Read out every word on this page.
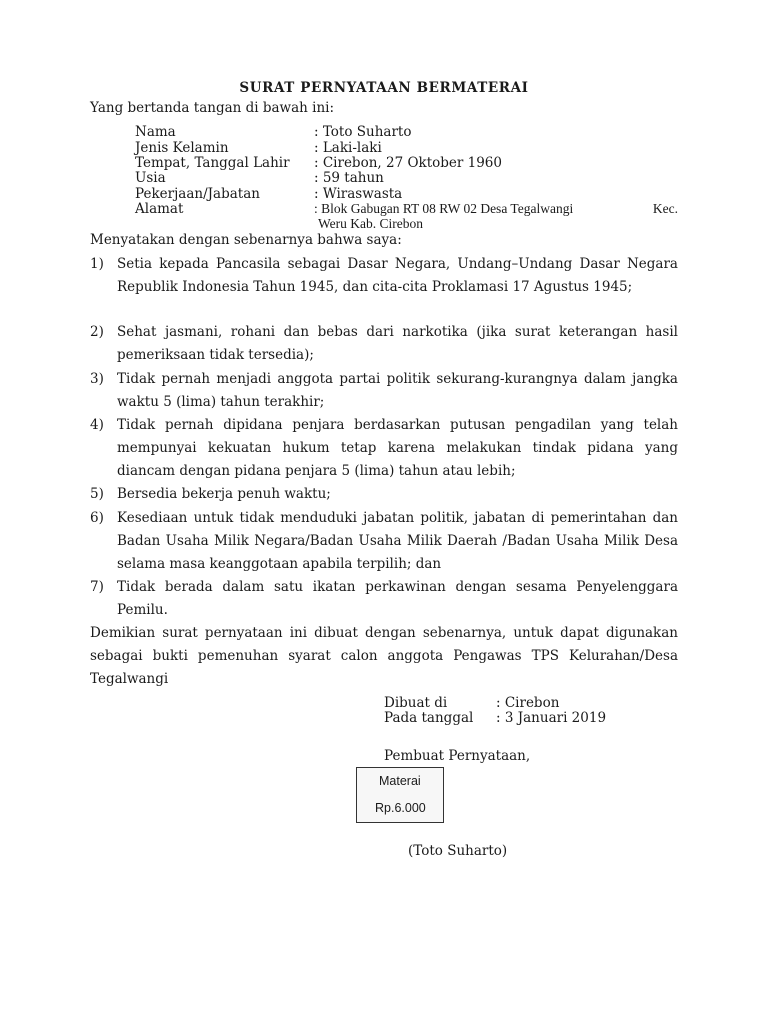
SURAT PERNYATAAN BERMATERAI
Yang bertanda tangan di bawah ini:
Nama	: Toto Suharto
Jenis Kelamin	: Laki-laki
Tempat, Tanggal Lahir : Cirebon, 27 Oktober 1960
Usia	: 59 tahun
Pekerjaan/Jabatan	: Wiraswasta
Alamat	: Blok Gabugan RT 08 RW 02 Desa Tegalwangi	Kec.
Weru Kab. Cirebon
Menyatakan dengan sebenarnya bahwa saya:
1) Setia kepada Pancasila sebagai Dasar Negara, Undang–Undang Dasar Negara Republik Indonesia Tahun 1945, dan cita-cita Proklamasi 17 Agustus 1945;
2) Sehat jasmani, rohani dan bebas dari narkotika (jika surat keterangan hasil pemeriksaan tidak tersedia);
3) Tidak pernah menjadi anggota partai politik sekurang-kurangnya dalam jangka waktu 5 (lima) tahun terakhir;
4) Tidak pernah dipidana penjara berdasarkan putusan pengadilan yang telah mempunyai kekuatan hukum tetap karena melakukan tindak pidana yang diancam dengan pidana penjara 5 (lima) tahun atau lebih;
5) Bersedia bekerja penuh waktu;
6) Kesediaan untuk tidak menduduki jabatan politik, jabatan di pemerintahan dan Badan Usaha Milik Negara/Badan Usaha Milik Daerah /Badan Usaha Milik Desa selama masa keanggotaan apabila terpilih; dan
7) Tidak berada dalam satu ikatan perkawinan dengan sesama Penyelenggara Pemilu.
Demikian surat pernyataan ini dibuat dengan sebenarnya, untuk dapat digunakan sebagai bukti pemenuhan syarat calon anggota Pengawas TPS Kelurahan/Desa Tegalwangi
Dibuat di	: Cirebon
Pada tanggal : 3 Januari 2019
Pembuat Pernyataan,
Materai
Rp.6.000
(Toto Suharto)
